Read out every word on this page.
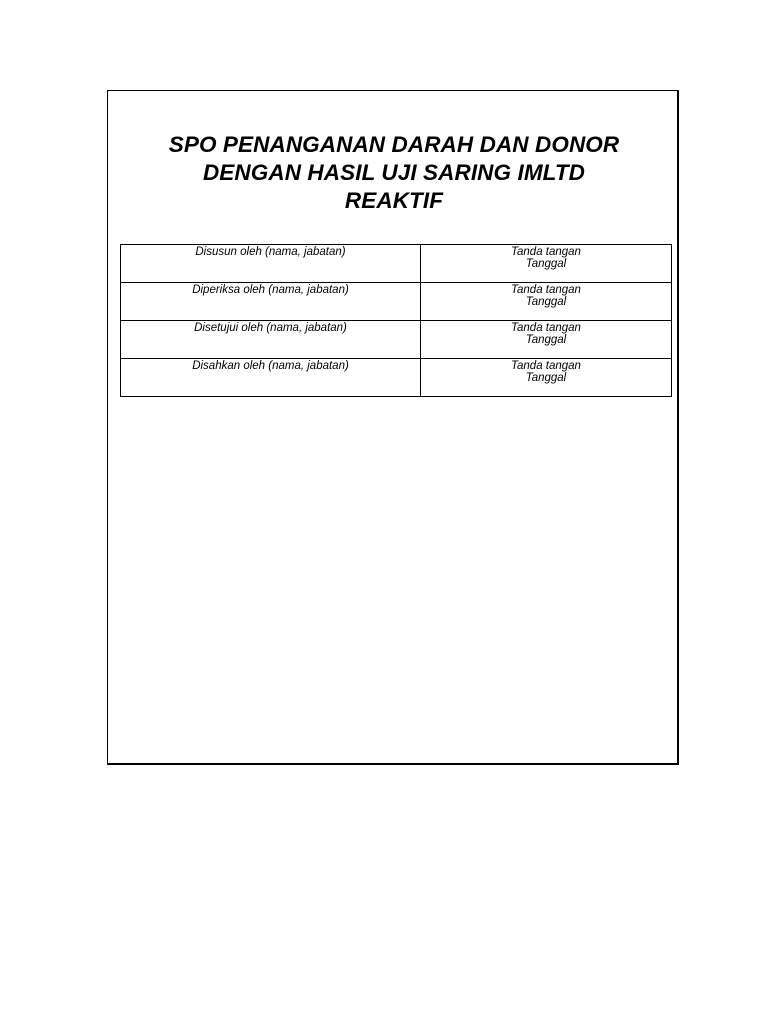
SPO PENANGANAN DARAH DAN DONOR
DENGAN HASIL UJI SARING IMLTD
REAKTIF
Disusun oleh (nama, jabatan)	Tanda tangan
Tanggal

Diperiksa oleh (nama, jabatan)	Tanda tangan
Tanggal

Disetujui oleh (nama, jabatan)	Tanda tangan
Tanggal

Disahkan oleh (nama, jabatan)	Tanda tangan
Tanggal
